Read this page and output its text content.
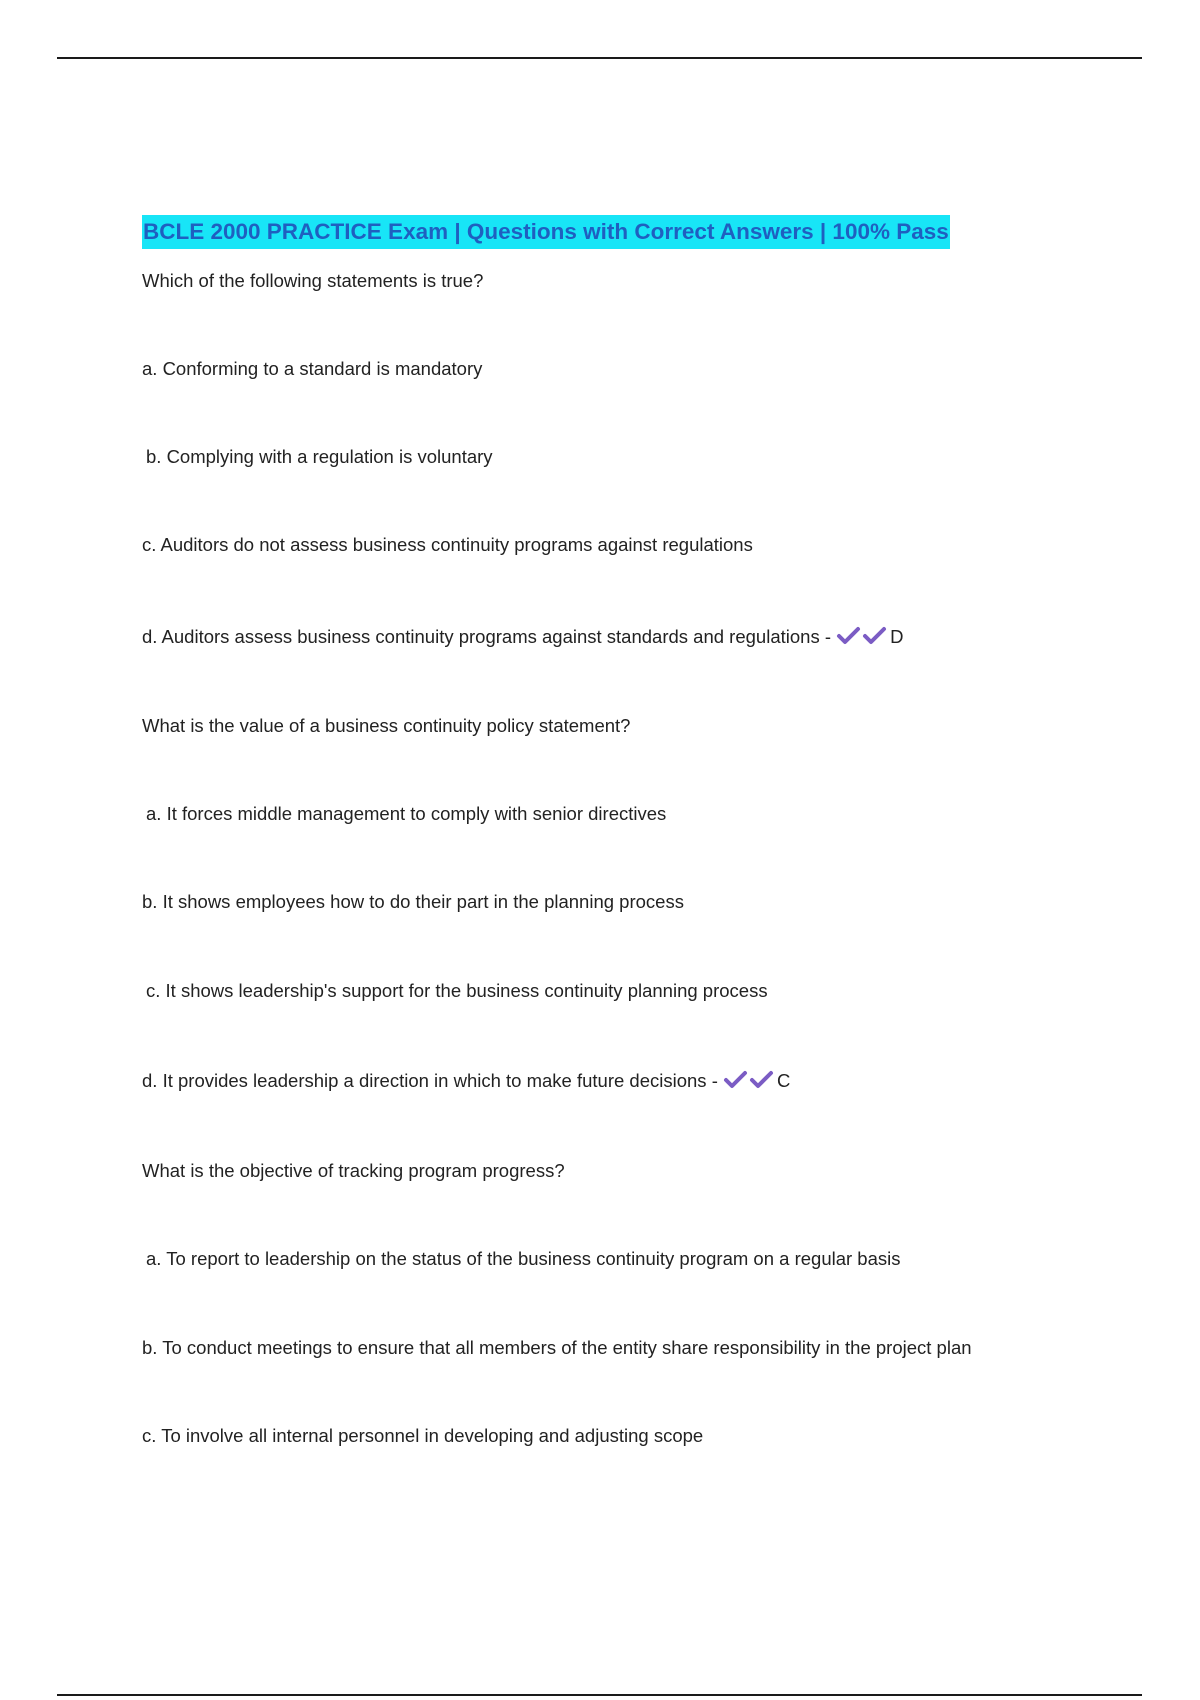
BCLE 2000 PRACTICE Exam | Questions with Correct Answers | 100% Pass
Which of the following statements is true?
a. Conforming to a standard is mandatory
b. Complying with a regulation is voluntary
c. Auditors do not assess business continuity programs against regulations
d. Auditors assess business continuity programs against standards and regulations -	D
What is the value of a business continuity policy statement?
a. It forces middle management to comply with senior directives
b. It shows employees how to do their part in the planning process
c. It shows leadership's support for the business continuity planning process
d. It provides leadership a direction in which to make future decisions -	C
What is the objective of tracking program progress?
a. To report to leadership on the status of the business continuity program on a regular basis
b. To conduct meetings to ensure that all members of the entity share responsibility in the project plan
c. To involve all internal personnel in developing and adjusting scope
